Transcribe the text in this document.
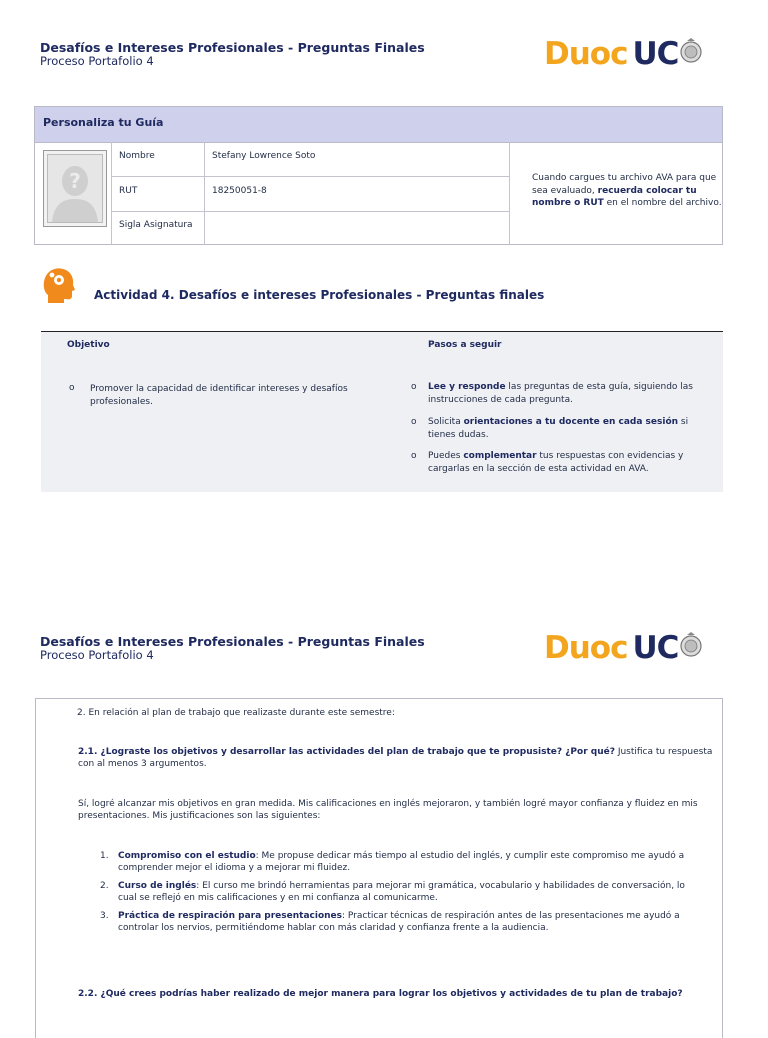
Desafíos e Intereses Profesionales - Preguntas Finales
Proceso Portafolio 4	Duoc UC
Personaliza tu Guía
?
Nombre	Stefany Lowrence Soto
RUT	18250051-8
Sigla Asignatura
Cuando cargues tu archivo AVA para que sea evaluado, recuerda colocar tu nombre o RUT en el nombre del archivo.
Actividad 4. Desafíos e intereses Profesionales - Preguntas finales
Objetivo	Pasos a seguir
o Promover la capacidad de identificar intereses y desafíos profesionales.
o Lee y responde las preguntas de esta guía, siguiendo las instrucciones de cada pregunta.
o Solicita orientaciones a tu docente en cada sesión si tienes dudas.
o Puedes complementar tus respuestas con evidencias y cargarlas en la sección de esta actividad en AVA.
Desafíos e Intereses Profesionales - Preguntas Finales
Proceso Portafolio 4	Duoc UC
2. En relación al plan de trabajo que realizaste durante este semestre:
2.1. ¿Lograste los objetivos y desarrollar las actividades del plan de trabajo que te propusiste? ¿Por qué? Justifica tu respuesta con al menos 3 argumentos.
Sí, logré alcanzar mis objetivos en gran medida. Mis calificaciones en inglés mejoraron, y también logré mayor confianza y fluidez en mis presentaciones. Mis justificaciones son las siguientes:
1. Compromiso con el estudio: Me propuse dedicar más tiempo al estudio del inglés, y cumplir este compromiso me ayudó a comprender mejor el idioma y a mejorar mi fluidez.
2. Curso de inglés: El curso me brindó herramientas para mejorar mi gramática, vocabulario y habilidades de conversación, lo cual se reflejó en mis calificaciones y en mi confianza al comunicarme.
3. Práctica de respiración para presentaciones: Practicar técnicas de respiración antes de las presentaciones me ayudó a controlar los nervios, permitiéndome hablar con más claridad y confianza frente a la audiencia.
2.2. ¿Qué crees podrías haber realizado de mejor manera para lograr los objetivos y actividades de tu plan de trabajo?
